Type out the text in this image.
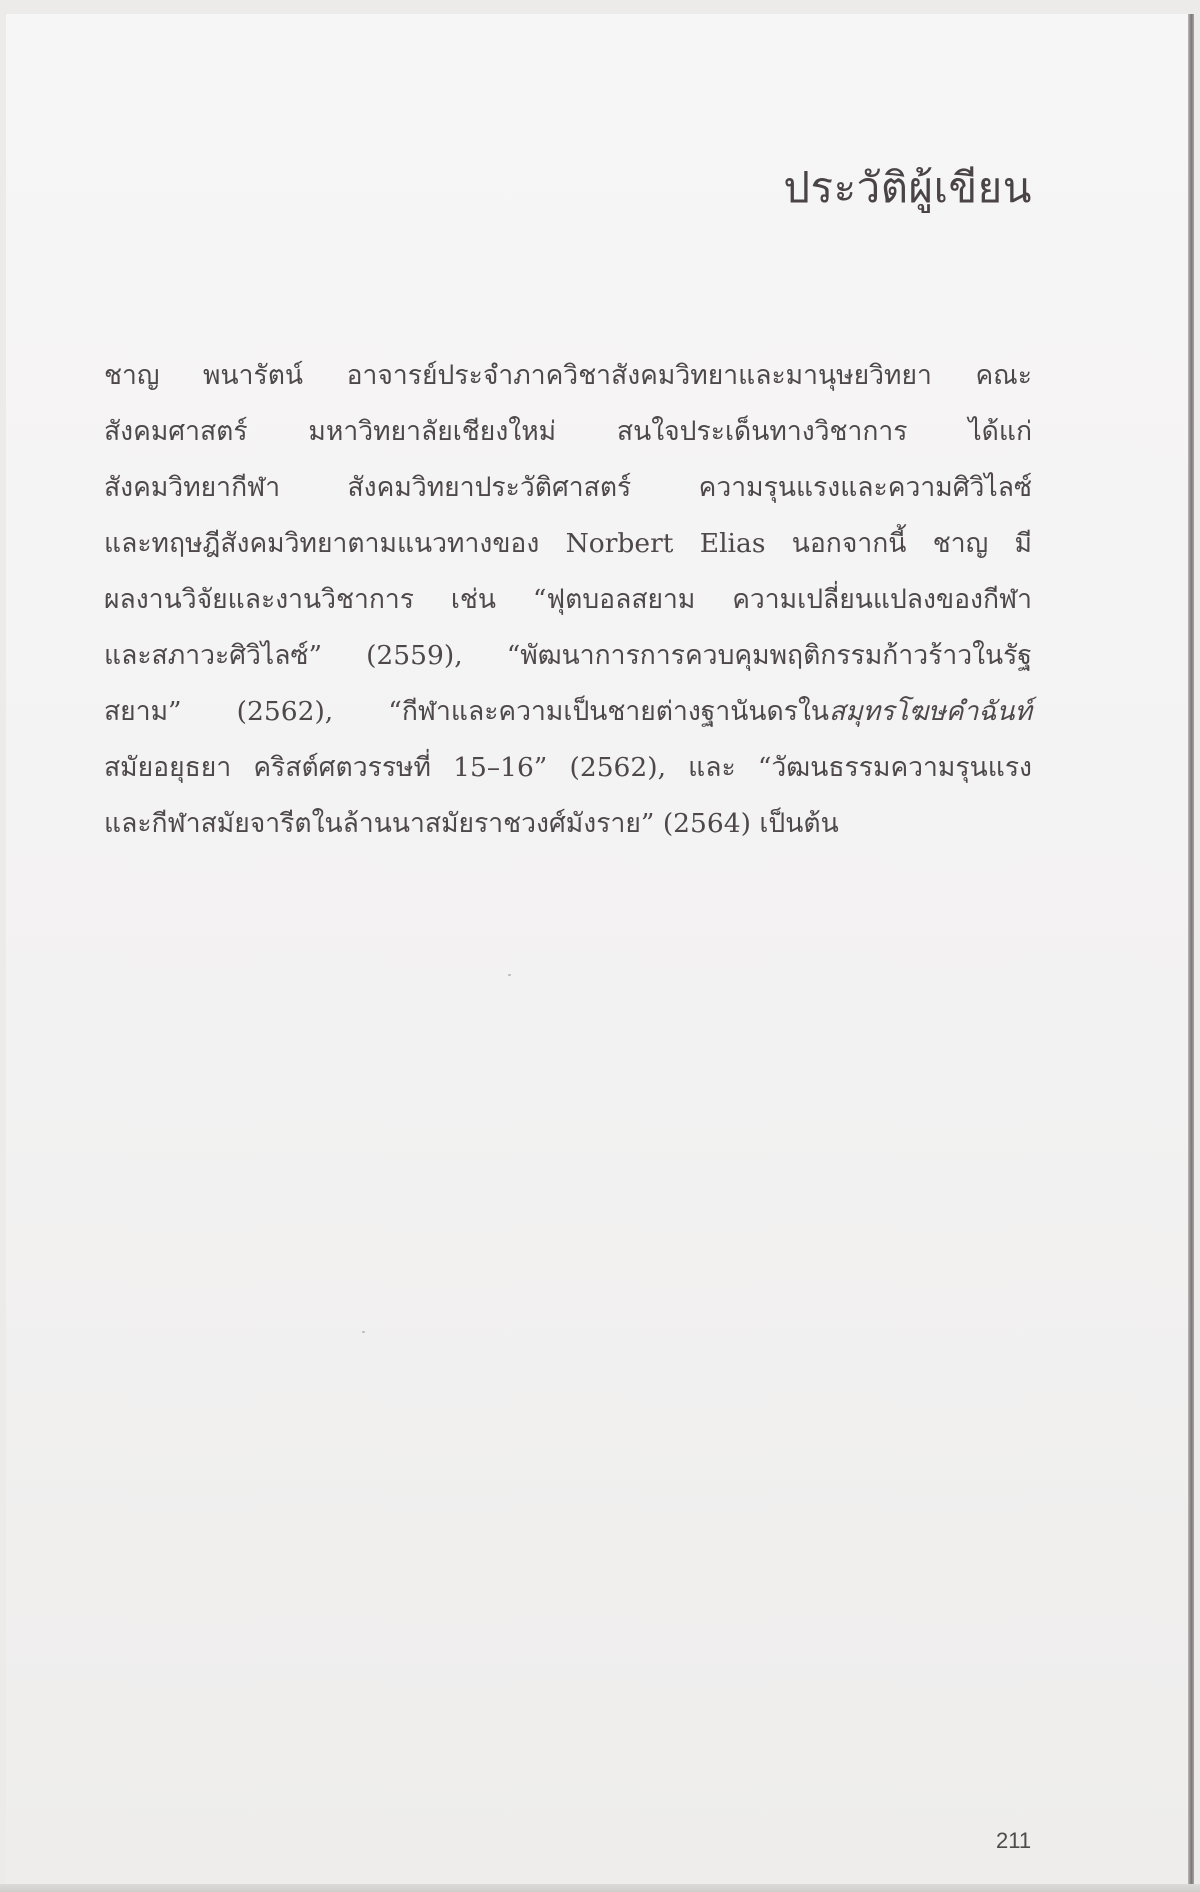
ประวัติผู้เขียน
ชาญ พนารัตน์ อาจารย์ประจำภาควิชาสังคมวิทยาและมานุษยวิทยา คณะ
สังคมศาสตร์ มหาวิทยาลัยเชียงใหม่ สนใจประเด็นทางวิชาการ ได้แก่
สังคมวิทยากีฬา สังคมวิทยาประวัติศาสตร์ ความรุนแรงและความศิวิไลซ์
และทฤษฎีสังคมวิทยาตามแนวทางของ Norbert Elias นอกจากนี้ ชาญ มี
ผลงานวิจัยและงานวิชาการ เช่น “ฟุตบอลสยาม ความเปลี่ยนแปลงของกีฬา
และสภาวะศิวิไลซ์” (2559), “พัฒนาการการควบคุมพฤติกรรมก้าวร้าวในรัฐ
สยาม” (2562), “กีฬาและความเป็นชายต่างฐานันดรในสมุทรโฆษคำฉันท์
สมัยอยุธยา คริสต์ศตวรรษที่ 15–16” (2562), และ “วัฒนธรรมความรุนแรง
และกีฬาสมัยจารีตในล้านนาสมัยราชวงศ์มังราย” (2564) เป็นต้น

211
